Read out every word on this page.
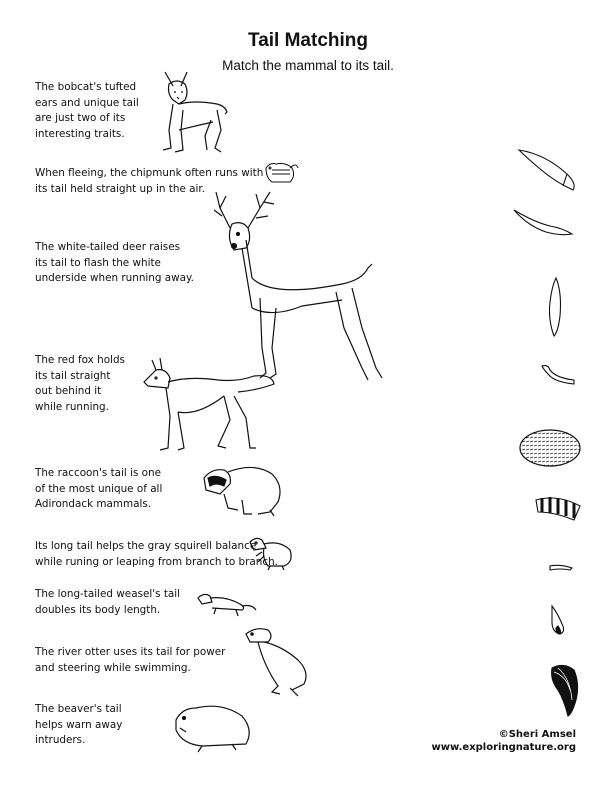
Tail Matching
Match the mammal to its tail.
The bobcat's tufted
ears and unique tail
are just two of its
interesting traits.
When fleeing, the chipmunk often runs with
its tail held straight up in the air.
The white-tailed deer raises
its tail to flash the white
underside when running away.
The red fox holds
its tail straight
out behind it
while running.
The raccoon's tail is one
of the most unique of all
Adirondack mammals.
Its long tail helps the gray squirell balance
while runing or leaping from branch to branch.
The long-tailed weasel's tail
doubles its body length.
The river otter uses its tail for power
and steering while swimming.
The beaver's tail
helps warn away
intruders.	©Sheri Amsel
www.exploringnature.org
